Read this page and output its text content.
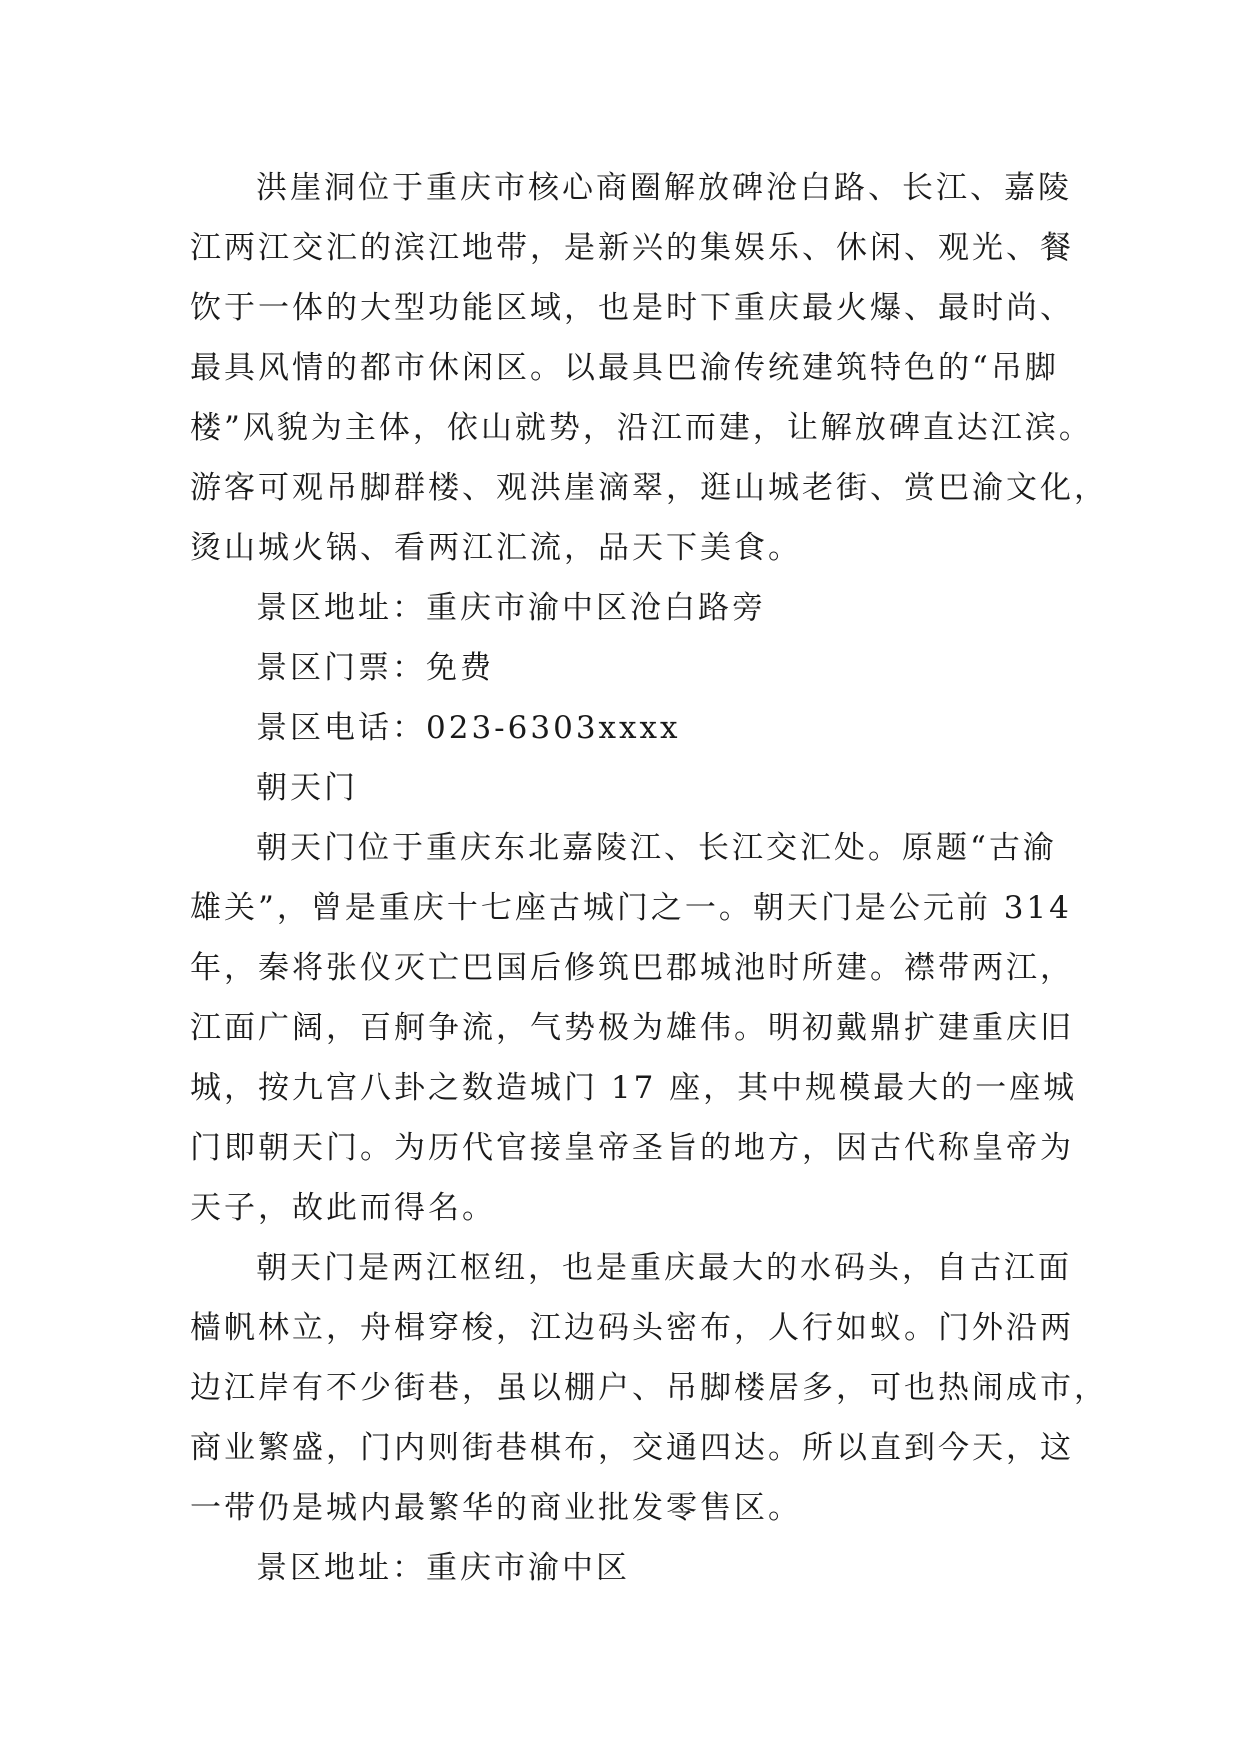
洪崖洞位于重庆市核心商圈解放碑沧白路、长江、嘉陵
江两江交汇的滨江地带，是新兴的集娱乐、休闲、观光、餐
饮于一体的大型功能区域，也是时下重庆最火爆、最时尚、
最具风情的都市休闲区。以最具巴渝传统建筑特色的“吊脚
楼”风貌为主体，依山就势，沿江而建，让解放碑直达江滨。
游客可观吊脚群楼、观洪崖滴翠，逛山城老街、赏巴渝文化，
烫山城火锅、看两江汇流，品天下美食。
景区地址：重庆市渝中区沧白路旁
景区门票：免费
景区电话：023-6303xxxx
朝天门
朝天门位于重庆东北嘉陵江、长江交汇处。原题“古渝
雄关”，曾是重庆十七座古城门之一。朝天门是公元前 314
年，秦将张仪灭亡巴国后修筑巴郡城池时所建。襟带两江，
江面广阔，百舸争流，气势极为雄伟。明初戴鼎扩建重庆旧
城，按九宫八卦之数造城门 17 座，其中规模最大的一座城
门即朝天门。为历代官接皇帝圣旨的地方，因古代称皇帝为
天子，故此而得名。
朝天门是两江枢纽，也是重庆最大的水码头，自古江面
樯帆林立，舟楫穿梭，江边码头密布，人行如蚁。门外沿两
边江岸有不少街巷，虽以棚户、吊脚楼居多，可也热闹成市，
商业繁盛，门内则街巷棋布，交通四达。所以直到今天，这
一带仍是城内最繁华的商业批发零售区。
景区地址：重庆市渝中区
